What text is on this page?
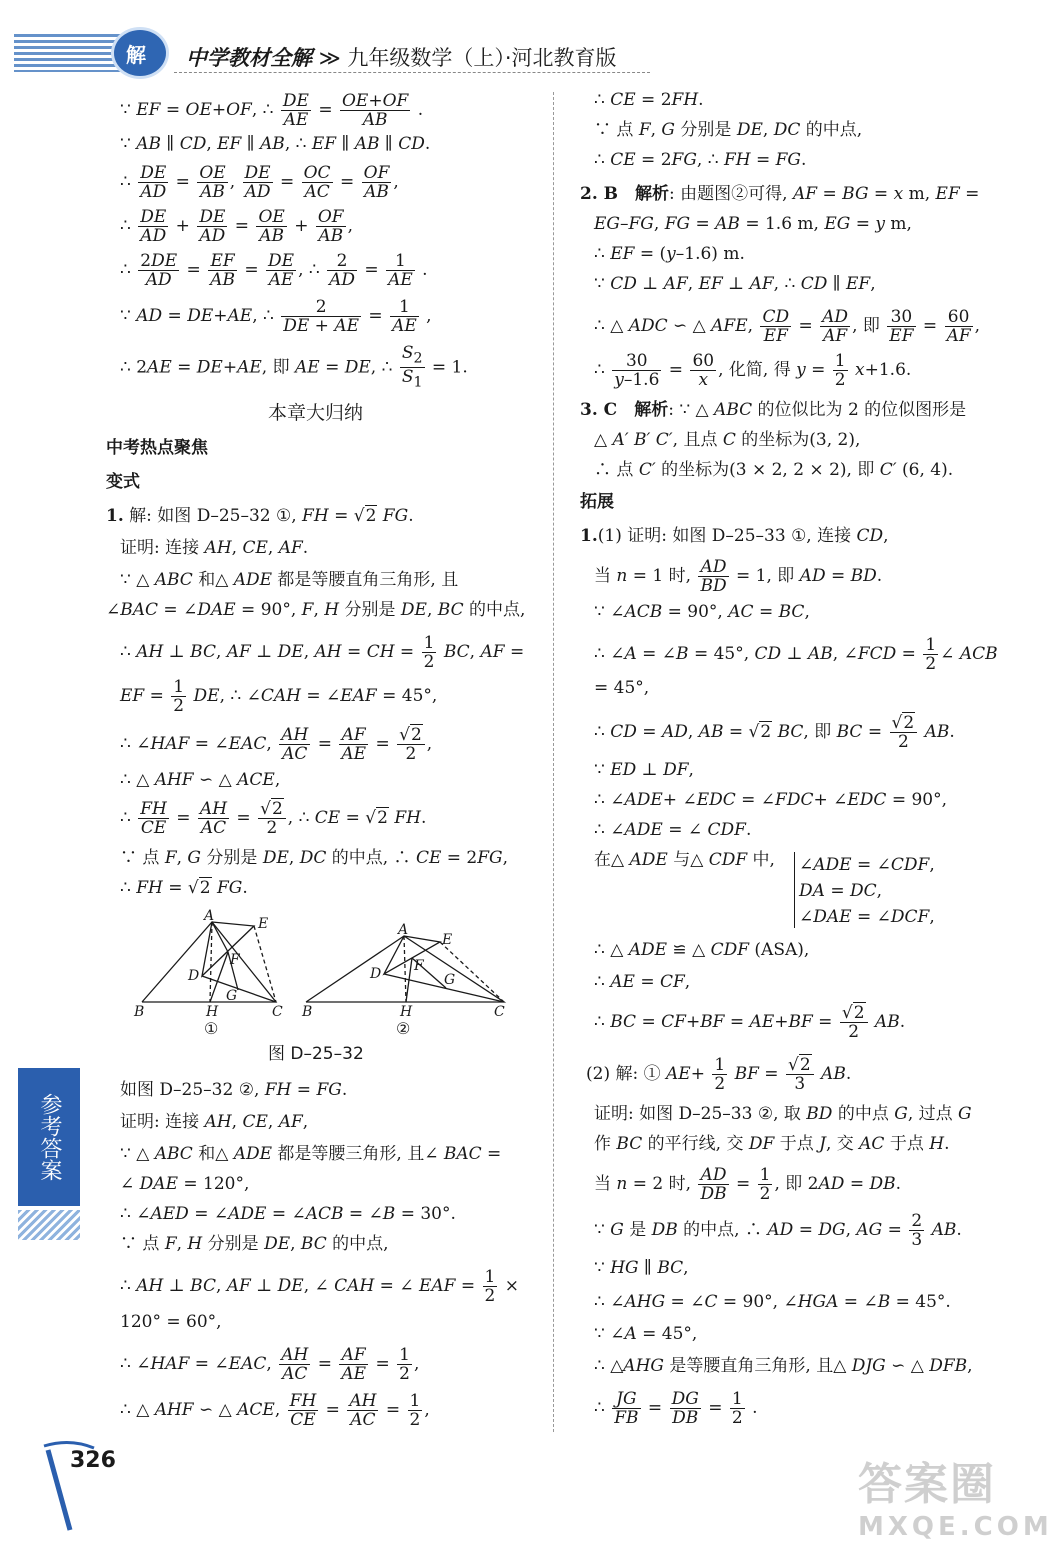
解 中学教材全解 ≫ 九年级数学（上）·河北教育版
∵ EF = OE+OF, ∴ $\frac{DE}{AE} = \frac{OE+OF}{AB}$ .
∵ AB ∥ CD, EF ∥ AB, ∴ EF ∥ AB ∥ CD.
∴ $\frac{DE}{AD} = \frac{OE}{AB}$ , $\frac{DE}{AD} = \frac{OC}{AC} = \frac{OF}{AB}$ ,
∴ $\frac{DE}{AD} + \frac{DE}{AD} = \frac{OE}{AB} + \frac{OF}{AB}$ ,
∴ $\frac{2DE}{AD} = \frac{EF}{AB} = \frac{DE}{AE}$ , ∴ $\frac{2}{AD} = \frac{1}{AE}$ .
∵ AD = DE+AE, ∴ $\frac{2}{DE + AE} = \frac{1}{AE}$ ,
∴ 2AE = DE+AE, 即 AE = DE, ∴ $\frac{S_2}{S_1} = 1$.
本章大归纳
中考热点聚焦
变式
1. 解: 如图 D–25–32 ①, FH = √2 FG.
证明: 连接 AH, CE, AF.
∵ △ ABC 和△ ADE 都是等腰直角三角形, 且
∠BAC = ∠DAE = 90°, F, H 分别是 DE, BC 的中点,
∴ AH ⊥ BC, AF ⊥ DE, AH = CH = $\frac{1}{2}$ BC, AF =
EF = $\frac{1}{2}$ DE, ∴ ∠CAH = ∠EAF = 45°,
∴ ∠HAF = ∠EAC, $\frac{AH}{AC} = \frac{AF}{AE} = \frac{√2}{2}$ ,
∴ △ AHF ∽ △ ACE,
∴ $\frac{FH}{CE} = \frac{AH}{AC} = \frac{√2}{2}$ , ∴ CE = √2 FH.
∵ 点 F, G 分别是 DE, DC 的中点, ∴ CE = 2FG,
∴ FH = √2 FG.
图 D–25–32
如图 D–25–32 ②, FH = FG.
证明: 连接 AH, CE, AF,
∵ △ ABC 和△ ADE 都是等腰三角形, 且∠ BAC =
∠ DAE = 120°,
∴ ∠AED = ∠ADE = ∠ACB = ∠B = 30°.
∵ 点 F, H 分别是 DE, BC 的中点,
∴ AH ⊥ BC, AF ⊥ DE, ∠ CAH = ∠ EAF = $\frac{1}{2}$ ×
120° = 60°,
∴ ∠HAF = ∠EAC, $\frac{AH}{AC} = \frac{AF}{AE} = \frac{1}{2}$ ,
∴ △ AHF ∽ △ ACE, $\frac{FH}{CE} = \frac{AH}{AC} = \frac{1}{2}$ ,
A	E
D
F
G
B	H	C
①
A
E
D F
G
B	H	C
②
∴ CE = 2FH.
∵ 点 F, G 分别是 DE, DC 的中点,
∴ CE = 2FG, ∴ FH = FG.
2. B　 解析: 由题图②可得, AF = BG = x m, EF =
EG–FG, FG = AB = 1.6 m, EG = y m,
∴ EF = (y–1.6) m.
∵ CD ⊥ AF, EF ⊥ AF, ∴ CD ∥ EF,
∴ △ ADC ∽ △ AFE, $\frac{CD}{EF} = \frac{AD}{AF}$ , 即 $\frac{30}{EF} = \frac{60}{AF}$ ,
∴ $\frac{30}{y-1.6} = \frac{60}{x}$ , 化简, 得 $y = \frac{1}{2} x+1.6$.
3. C　 解析: ∵ △ ABC 的位似比为 2 的位似图形是
△ A′ B′ C′, 且点 C 的坐标为(3, 2),
∴ 点 C′ 的坐标为(3 × 2, 2 × 2), 即 C′ (6, 4).
拓展
1.(1) 证明: 如图 D–25–33 ①, 连接 CD,
当 n = 1 时, $\frac{AD}{BD} = 1$, 即 AD = BD.
∵ ∠ACB = 90°, AC = BC,
∴ ∠A = ∠B = 45°, CD ⊥ AB, ∠FCD = $\frac{1}{2}$ ∠ ACB
= 45°,
∴ CD = AD, AB = √2 BC, 即 BC = $\frac{√2}{2}$ AB.
∵ ED ⊥ DF,
∴ ∠ADE+ ∠EDC = ∠FDC+ ∠EDC = 90°,
∴ ∠ADE = ∠ CDF.
在△ ADE 与△ CDF 中, ∠ADE = ∠CDF,
DA = DC,
∠DAE = ∠DCF,
∴ △ ADE ≌ △ CDF (ASA),
∴ AE = CF,
∴ BC = $CF+BF = AE+BF = \frac{√2}{2}$ AB.
(2) 解: ① $AE+ \frac{1}{2}$ BF = $\frac{√2}{3}$ AB.
证明: 如图 D–25–33 ②, 取 BD 的中点 G, 过点 G
作 BC 的平行线, 交 DF 于点 J, 交 AC 于点 H.
当 n = 2 时, $\frac{AD}{DB} = \frac{1}{2}$ , 即 2AD = DB.
∵ G 是 DB 的中点, ∴ AD = DG, AG = $\frac{2}{3}$ AB.
∵ HG ∥ BC,
∴ ∠AHG = ∠C = 90°, ∠HGA = ∠B = 45°.
∵ ∠A = 45°,
∴ △AHG 是等腰直角三角形, 且△ DJG ∽ △ DFB,
∴ $\frac{JG}{FB} = \frac{DG}{DB} = \frac{1}{2}$ .
参考答案
326	答案圈
MXQE.COM
